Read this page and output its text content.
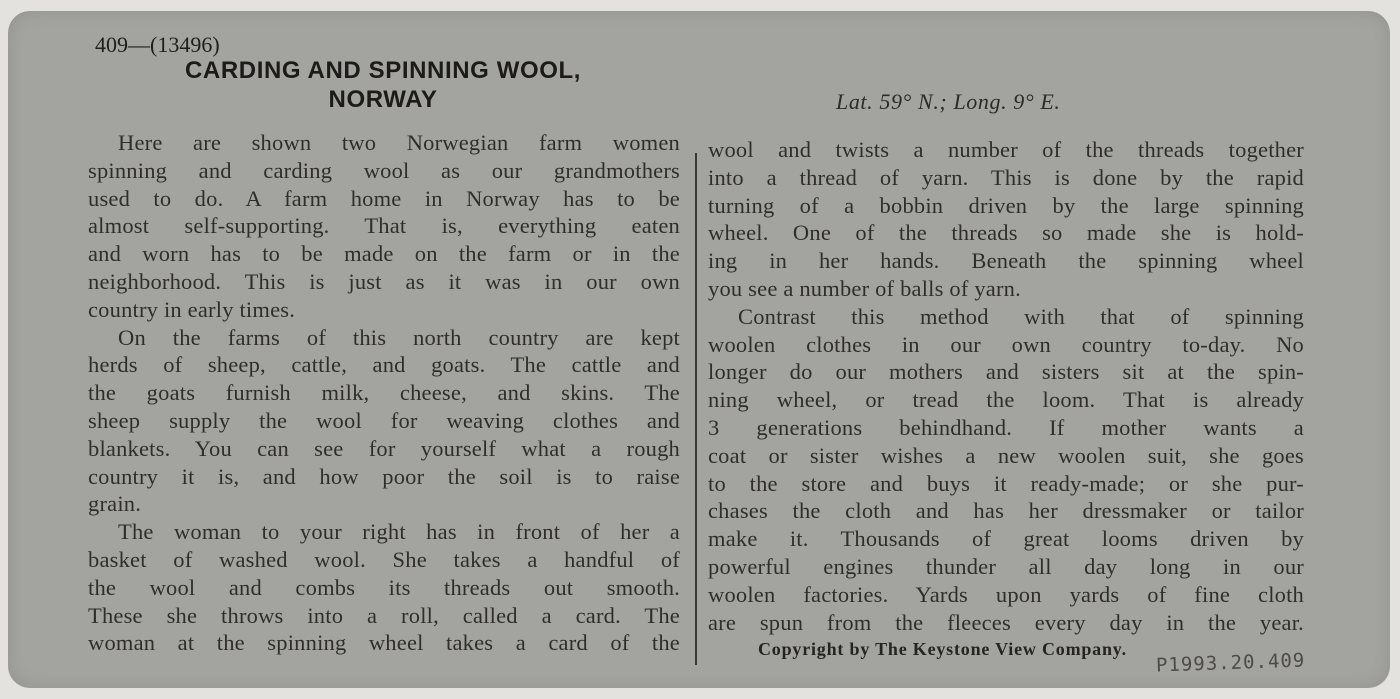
409—(13496)
CARDING AND SPINNING WOOL,
NORWAY	Lat. 59° N.; Long. 9° E.
Here are shown two Norwegian farm women
spinning and carding wool as our grandmothers
used to do. A farm home in Norway has to be
almost self-supporting. That is, everything eaten
and worn has to be made on the farm or in the
neighborhood. This is just as it was in our own
country in early times.
On the farms of this north country are kept
herds of sheep, cattle, and goats. The cattle and
the goats furnish milk, cheese, and skins. The
sheep supply the wool for weaving clothes and
blankets. You can see for yourself what a rough
country it is, and how poor the soil is to raise
grain.
The woman to your right has in front of her a
basket of washed wool. She takes a handful of
the wool and combs its threads out smooth.
These she throws into a roll, called a card. The
woman at the spinning wheel takes a card of the
wool and twists a number of the threads together
into a thread of yarn. This is done by the rapid
turning of a bobbin driven by the large spinning
wheel. One of the threads so made she is hold-
ing in her hands. Beneath the spinning wheel
you see a number of balls of yarn.
Contrast this method with that of spinning
woolen clothes in our own country to-day. No
longer do our mothers and sisters sit at the spin-
ning wheel, or tread the loom. That is already
3 generations behindhand. If mother wants a
coat or sister wishes a new woolen suit, she goes
to the store and buys it ready-made; or she pur-
chases the cloth and has her dressmaker or tailor
make it. Thousands of great looms driven by
powerful engines thunder all day long in our
woolen factories. Yards upon yards of fine cloth
are spun from the fleeces every day in the year.
Copyright by The Keystone View Company.
P1993.20.409
